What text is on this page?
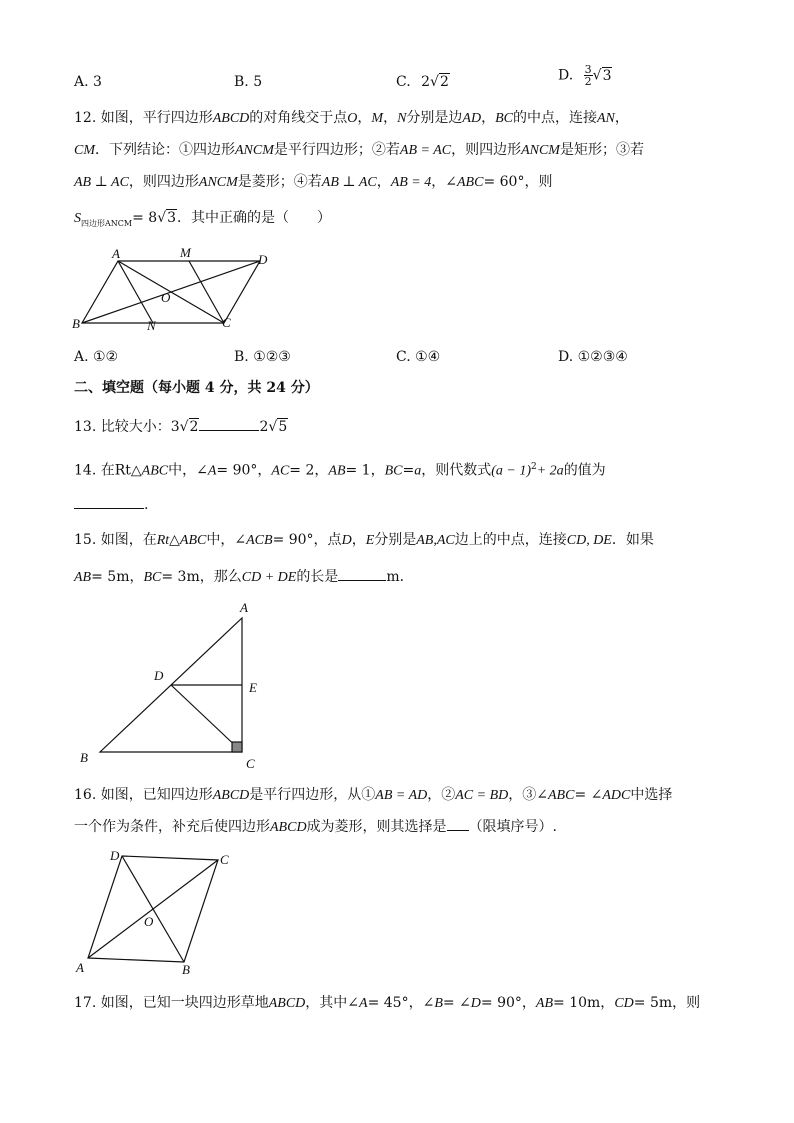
A. 3	B. 5	C. 2√2	D. $\frac{3}{2} √3$
12. 如图，平行四边形ABCD的对角线交于点O，M，N分别是边AD，BC的中点，连接AN，
CM．下列结论：①四边形ANCM是平行四边形；②若AB = AC，则四边形ANCM是矩形；③若
AB ⊥ AC，则四边形ANCM是菱形；④若AB ⊥ AC，AB = 4，∠ABC= 60°，则
$S_{四边形ANCM}= 8√3$．其中正确的是（　　）
A	M	D
O
B	N	C
A. ①②	B. ①②③	C. ①④	D. ①②③④
二、填空题（每小题 4 分，共 24 分）
13. 比较大小：3√2	2√5
14. 在Rt△ABC中，∠A= 90°，AC= 2，AB= 1，BC=a，则代数式$(a - 1)^2+ 2a$的值为
.
15. 如图，在Rt△ABC中，∠ACB= 90°，点D，E分别是AB,AC边上的中点，连接CD, DE．如果
AB= 5m，BC= 3m，那么CD + DE的长是	m．
A
D
E
B	C
16. 如图，已知四边形ABCD是平行四边形，从①AB = AD，②AC = BD，③∠ABC= ∠ADC中选择
一个作为条件，补充后使四边形ABCD成为菱形，则其选择是 （限填序号）.
D	C
O
A	B
17. 如图，已知一块四边形草地ABCD，其中∠A= 45°，∠B= ∠D= 90°，AB= 10m，CD= 5m，则
